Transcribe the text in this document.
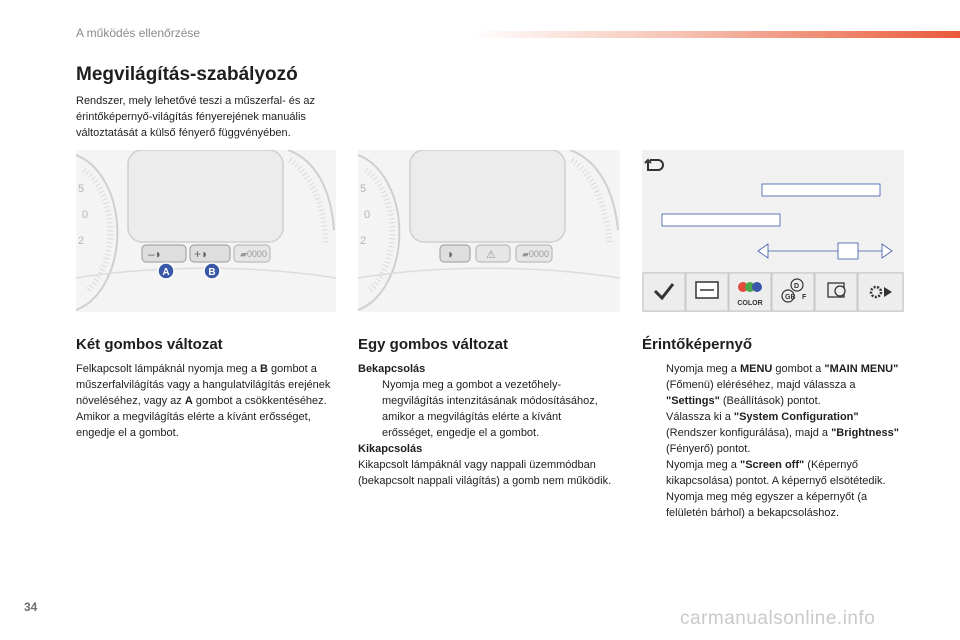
A működés ellenőrzése
Megvilágítás-szabályozó

Rendszer, mely lehetővé teszi a műszerfal- és az érintőképernyő-világítás fényerejének manuális változtatását a külső fényerő függvényében.

5
0
2
–◗	+◗	▰0000
A	B
5
0
2
◗	⚠	▰0000
COLOR
GB
D
F
Két gombos változat

Felkapcsolt lámpáknál nyomja meg a B gombot a műszerfalvilágítás vagy a hangulatvilágítás erejének növeléséhez, vagy az A gombot a csökkentéséhez.

Amikor a megvilágítás elérte a kívánt erősséget, engedje el a gombot.

Egy gombos változat

Bekapcsolás

Nyomja meg a gombot a vezetőhely-megvilágítás intenzitásának módosításához,

amikor a megvilágítás elérte a kívánt erősséget, engedje el a gombot.

Kikapcsolás

Kikapcsolt lámpáknál vagy nappali üzemmódban (bekapcsolt nappali világítás) a gomb nem működik.

Érintőképernyő

Nyomja meg a MENU gombot a "MAIN MENU" (Főmenü) eléréséhez, majd válassza a "Settings" (Beállítások) pontot.

Válassza ki a "System Configuration" (Rendszer konfigurálása), majd a "Brightness" (Fényerő) pontot.

Nyomja meg a "Screen off" (Képernyő kikapcsolása) pontot. A képernyő elsötétedik.
Nyomja meg még egyszer a képernyőt (a felületén bárhol) a bekapcsoláshoz.

34
carmanualsonline.info
